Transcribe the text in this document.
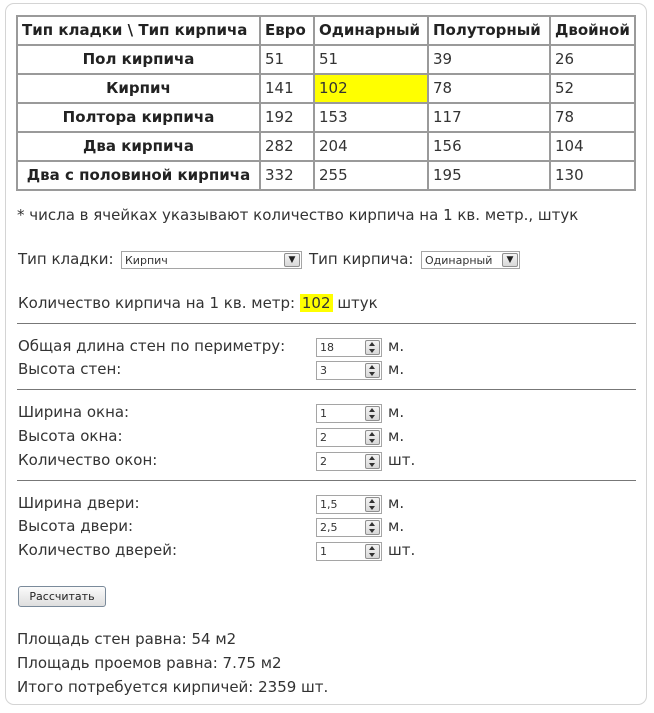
Тип кладки \ Тип кирпича	Евро	Одинарный	Полуторный	Двойной
Пол кирпича	51	51	39	26
Кирпич	141	102	78	52
Полтора кирпича	192	153	117	78
Два кирпича	282	204	156	104
Два с половиной кирпича	332	255	195	130
* числа в ячейках указывают количество кирпича на 1 кв. метр., штук
Тип кладки:	Кирпич	▼ Тип кирпича:	Одинарный	▼
Количество кирпича на 1 кв. метр: 102 штук
Общая длина стен по периметру:	18	м.
Высота стен:	3	м.
Ширина окна:	1	м.
Высота окна:	2	м.
Количество окон:	2	шт.
Ширина двери:	1,5	м.
Высота двери:	2,5	м.
Количество дверей:	1	шт.
Рассчитать
Площадь стен равна: 54 м2
Площадь проемов равна: 7.75 м2
Итого потребуется кирпичей: 2359 шт.
